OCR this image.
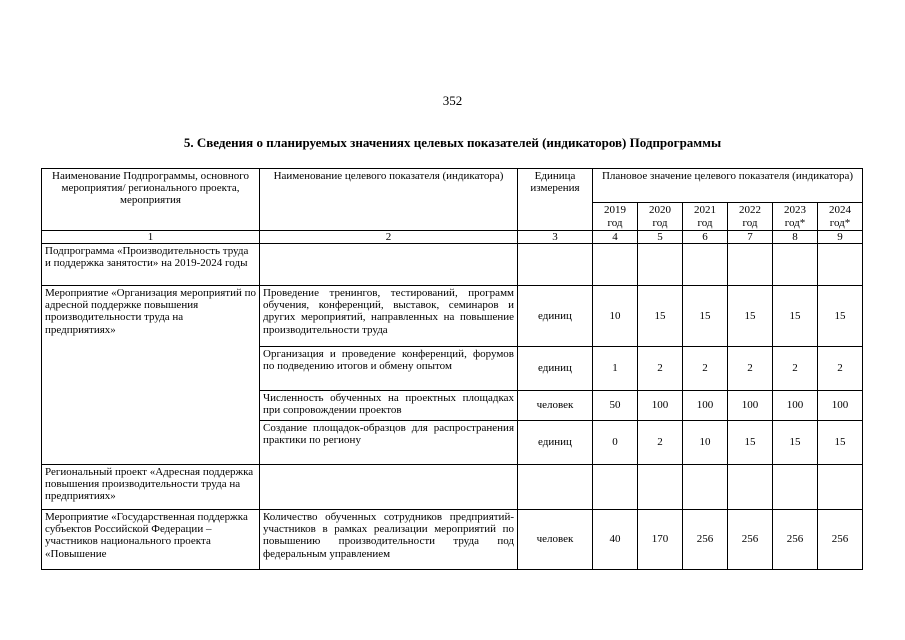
352
5. Сведения о планируемых значениях целевых показателей (индикаторов) Подпрограммы
Наименование Подпрограммы, основного мероприятия/ регионального проекта, мероприятия	Наименование целевого показателя (индикатора)	Единица измерения	Плановое значение целевого показателя (индикатора)					
			2019 год	2020 год	2021 год	2022 год	2023 год*	2024 год*
1	2	3	4	5	6	7	8	9
Подпрограмма «Производительность труда и поддержка занятости» на 2019-2024 годы								
Мероприятие «Организация мероприятий по адресной поддержке повышения производительности труда на предприятиях»	Проведение тренингов, тестирований, программ обучения, конференций, выставок, семинаров и других мероприятий, направленных на повышение производительности труда	единиц	10	15	15	15	15	15
	Организация и проведение конференций, форумов по подведению итогов и обмену опытом	единиц	1	2	2	2	2	2
	Численность обученных на проектных площадках при сопровождении проектов	человек	50	100	100	100	100	100
	Создание площадок-образцов для распространения практики по региону	единиц	0	2	10	15	15	15
Региональный проект «Адресная поддержка повышения производительности труда на предприятиях»								
Мероприятие «Государственная поддержка субъектов Российской Федерации – участников национального проекта «Повышение	Количество обученных сотрудников предприятий-участников в рамках реализации мероприятий по повышению производительности труда под федеральным управлением	человек	40	170	256	256	256	256
